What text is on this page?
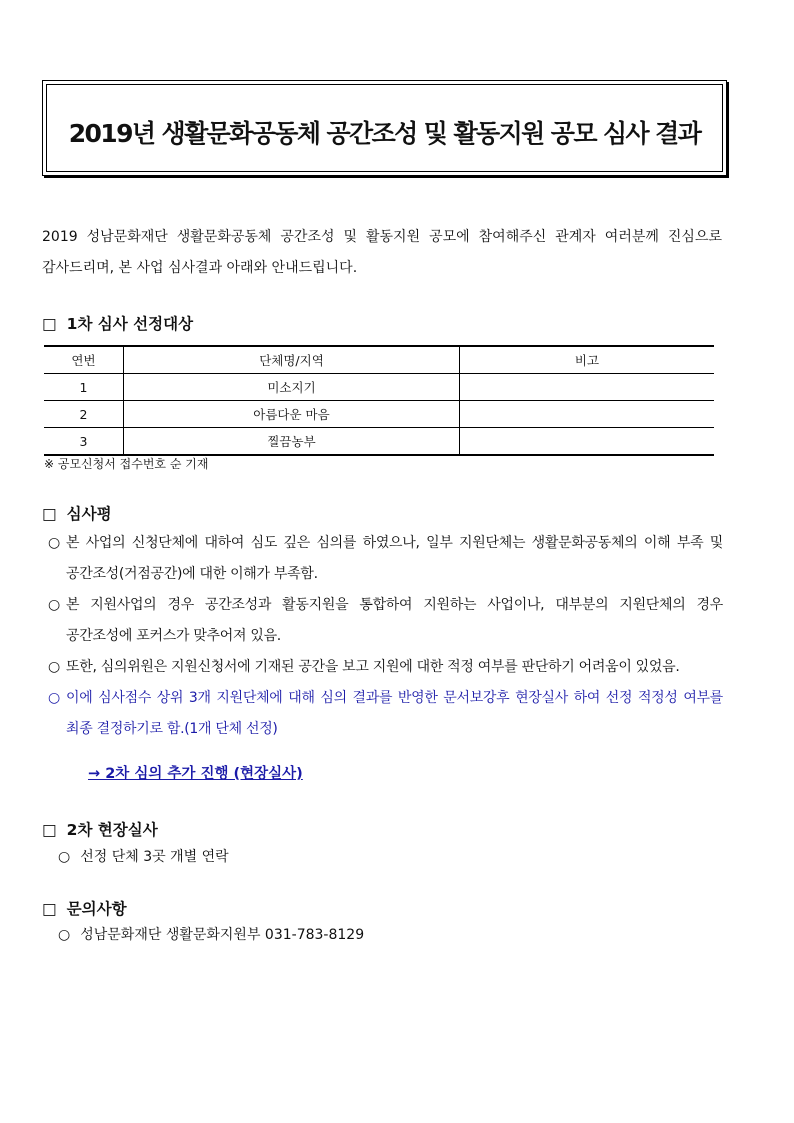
2019년 생활문화공동체 공간조성 및 활동지원 공모 심사 결과
2019 성남문화재단 생활문화공동체 공간조성 및 활동지원 공모에 참여해주신 관계자 여러분께 진심으로 감사드리며, 본 사업 심사결과 아래와 안내드립니다.
□ 1차 심사 선정대상
연번	단체명/지역	비고
1	미소지기	
2	아름다운 마음	
3	찔끔농부	
※ 공모신청서 접수번호 순 기재
□ 심사평
○ 본 사업의 신청단체에 대하여 심도 깊은 심의를 하였으나, 일부 지원단체는 생활문화공동체의 이해 부족 및 공간조성(거점공간)에 대한 이해가 부족함.
○ 본 지원사업의 경우 공간조성과 활동지원을 통합하여 지원하는 사업이나, 대부분의 지원단체의 경우 공간조성에 포커스가 맞추어져 있음.
○ 또한, 심의위원은 지원신청서에 기재된 공간을 보고 지원에 대한 적정 여부를 판단하기 어려움이 있었음.
○ 이에 심사점수 상위 3개 지원단체에 대해 심의 결과를 반영한 문서보강후 현장실사 하여 선정 적정성 여부를 최종 결정하기로 함.(1개 단체 선정)
→ 2차 심의 추가 진행 (현장실사)
□ 2차 현장실사
○ 선정 단체 3곳 개별 연락
□ 문의사항
○ 성남문화재단 생활문화지원부 031-783-8129
